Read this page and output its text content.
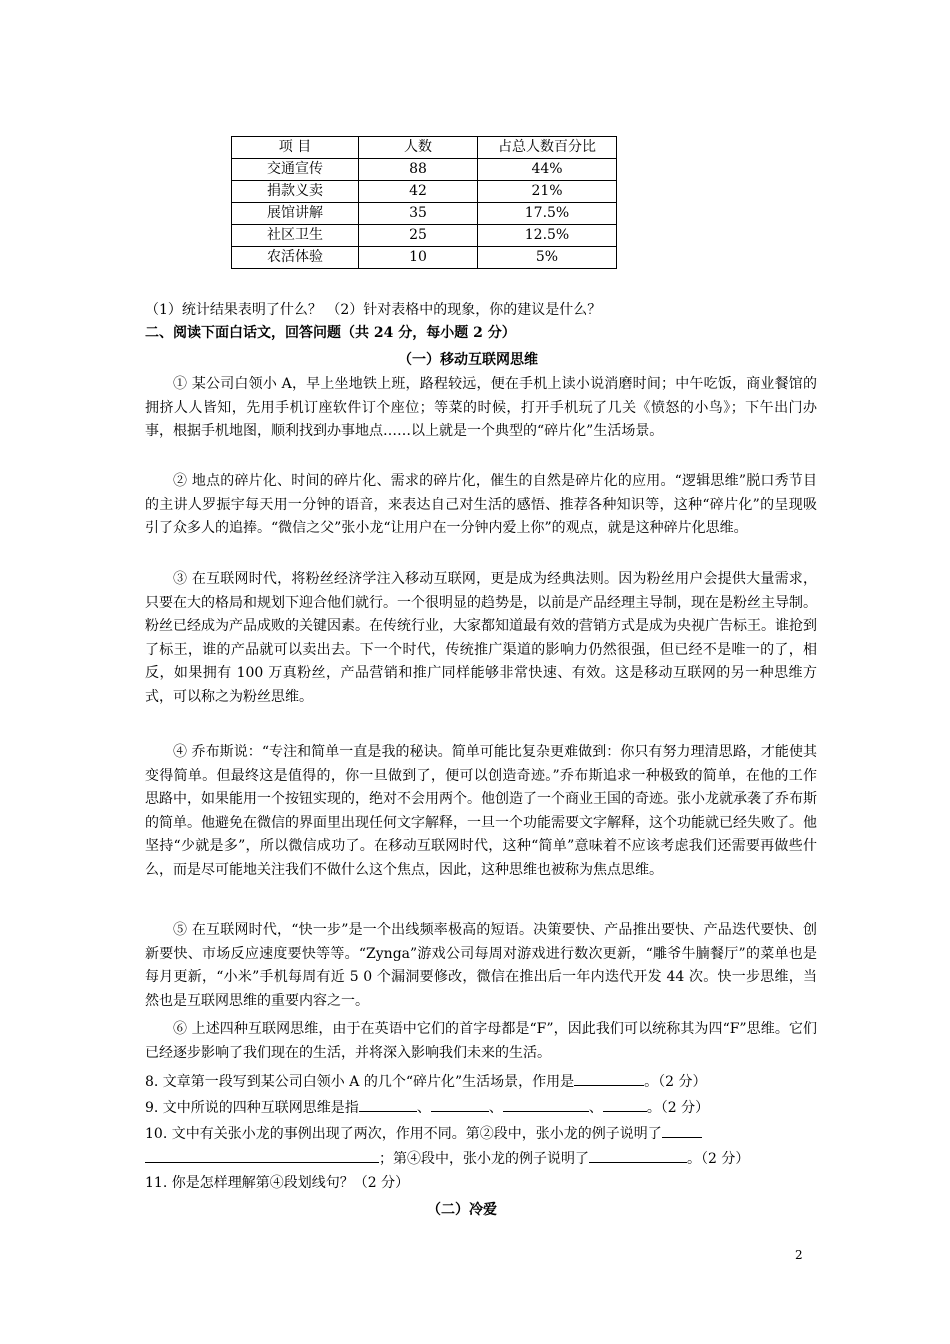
项 目	人数	占总人数百分比
交通宣传	88	44%
捐款义卖	42	21%
展馆讲解	35	17.5%
社区卫生	25	12.5%
农活体验	10	5%
（1）统计结果表明了什么？ （2）针对表格中的现象，你的建议是什么？
二、阅读下面白话文，回答问题（共 24 分，每小题 2 分）
（一）移动互联网思维

① 某公司白领小 A，早上坐地铁上班，路程较远，便在手机上读小说消磨时间；中午吃饭，商业餐馆的拥挤人人皆知，先用手机订座软件订个座位；等菜的时候，打开手机玩了几关《愤怒的小鸟》；下午出门办事，根据手机地图，顺利找到办事地点……以上就是一个典型的“碎片化”生活场景。

② 地点的碎片化、时间的碎片化、需求的碎片化，催生的自然是碎片化的应用。“逻辑思维”脱口秀节目的主讲人罗振宇每天用一分钟的语音，来表达自己对生活的感悟、推荐各种知识等，这种“碎片化”的呈现吸引了众多人的追捧。“微信之父”张小龙“让用户在一分钟内爱上你”的观点，就是这种碎片化思维。

③ 在互联网时代，将粉丝经济学注入移动互联网，更是成为经典法则。因为粉丝用户会提供大量需求，只要在大的格局和规划下迎合他们就行。一个很明显的趋势是，以前是产品经理主导制，现在是粉丝主导制。粉丝已经成为产品成败的关键因素。在传统行业，大家都知道最有效的营销方式是成为央视广告标王。谁抢到了标王，谁的产品就可以卖出去。下一个时代，传统推广渠道的影响力仍然很强，但已经不是唯一的了，相反，如果拥有 100 万真粉丝，产品营销和推广同样能够非常快速、有效。这是移动互联网的另一种思维方式，可以称之为粉丝思维。

④ 乔布斯说：“专注和简单一直是我的秘诀。简单可能比复杂更难做到：你只有努力理清思路，才能使其变得简单。但最终这是值得的，你一旦做到了，便可以创造奇迹。”乔布斯追求一种极致的简单，在他的工作思路中，如果能用一个按钮实现的，绝对不会用两个。他创造了一个商业王国的奇迹。张小龙就承袭了乔布斯的简单。他避免在微信的界面里出现任何文字解释，一旦一个功能需要文字解释，这个功能就已经失败了。他坚持“少就是多”，所以微信成功了。在移动互联网时代，这种“简单”意味着不应该考虑我们还需要再做些什么，而是尽可能地关注我们不做什么这个焦点，因此，这种思维也被称为焦点思维。

⑤ 在互联网时代，“快一步”是一个出线频率极高的短语。决策要快、产品推出要快、产品迭代要快、创新要快、市场反应速度要快等等。“Zynga”游戏公司每周对游戏进行数次更新，“雕爷牛腩餐厅”的菜单也是每月更新，“小米”手机每周有近 5 0 个漏洞要修改，微信在推出后一年内迭代开发 44 次。快一步思维，当然也是互联网思维的重要内容之一。

⑥ 上述四种互联网思维，由于在英语中它们的首字母都是“F”，因此我们可以统称其为四“F”思维。它们已经逐步影响了我们现在的生活，并将深入影响我们未来的生活。

8. 文章第一段写到某公司白领小 A 的几个“碎片化”生活场景，作用是	。（2 分）
9. 文中所说的四种互联网思维是指	、	、	、	。（2 分）
10. 文中有关张小龙的事例出现了两次，作用不同。第②段中，张小龙的例子说明了
；第④段中，张小龙的例子说明了	。（2 分）
11. 你是怎样理解第④段划线句？（2 分）
（二）冷爱
2
